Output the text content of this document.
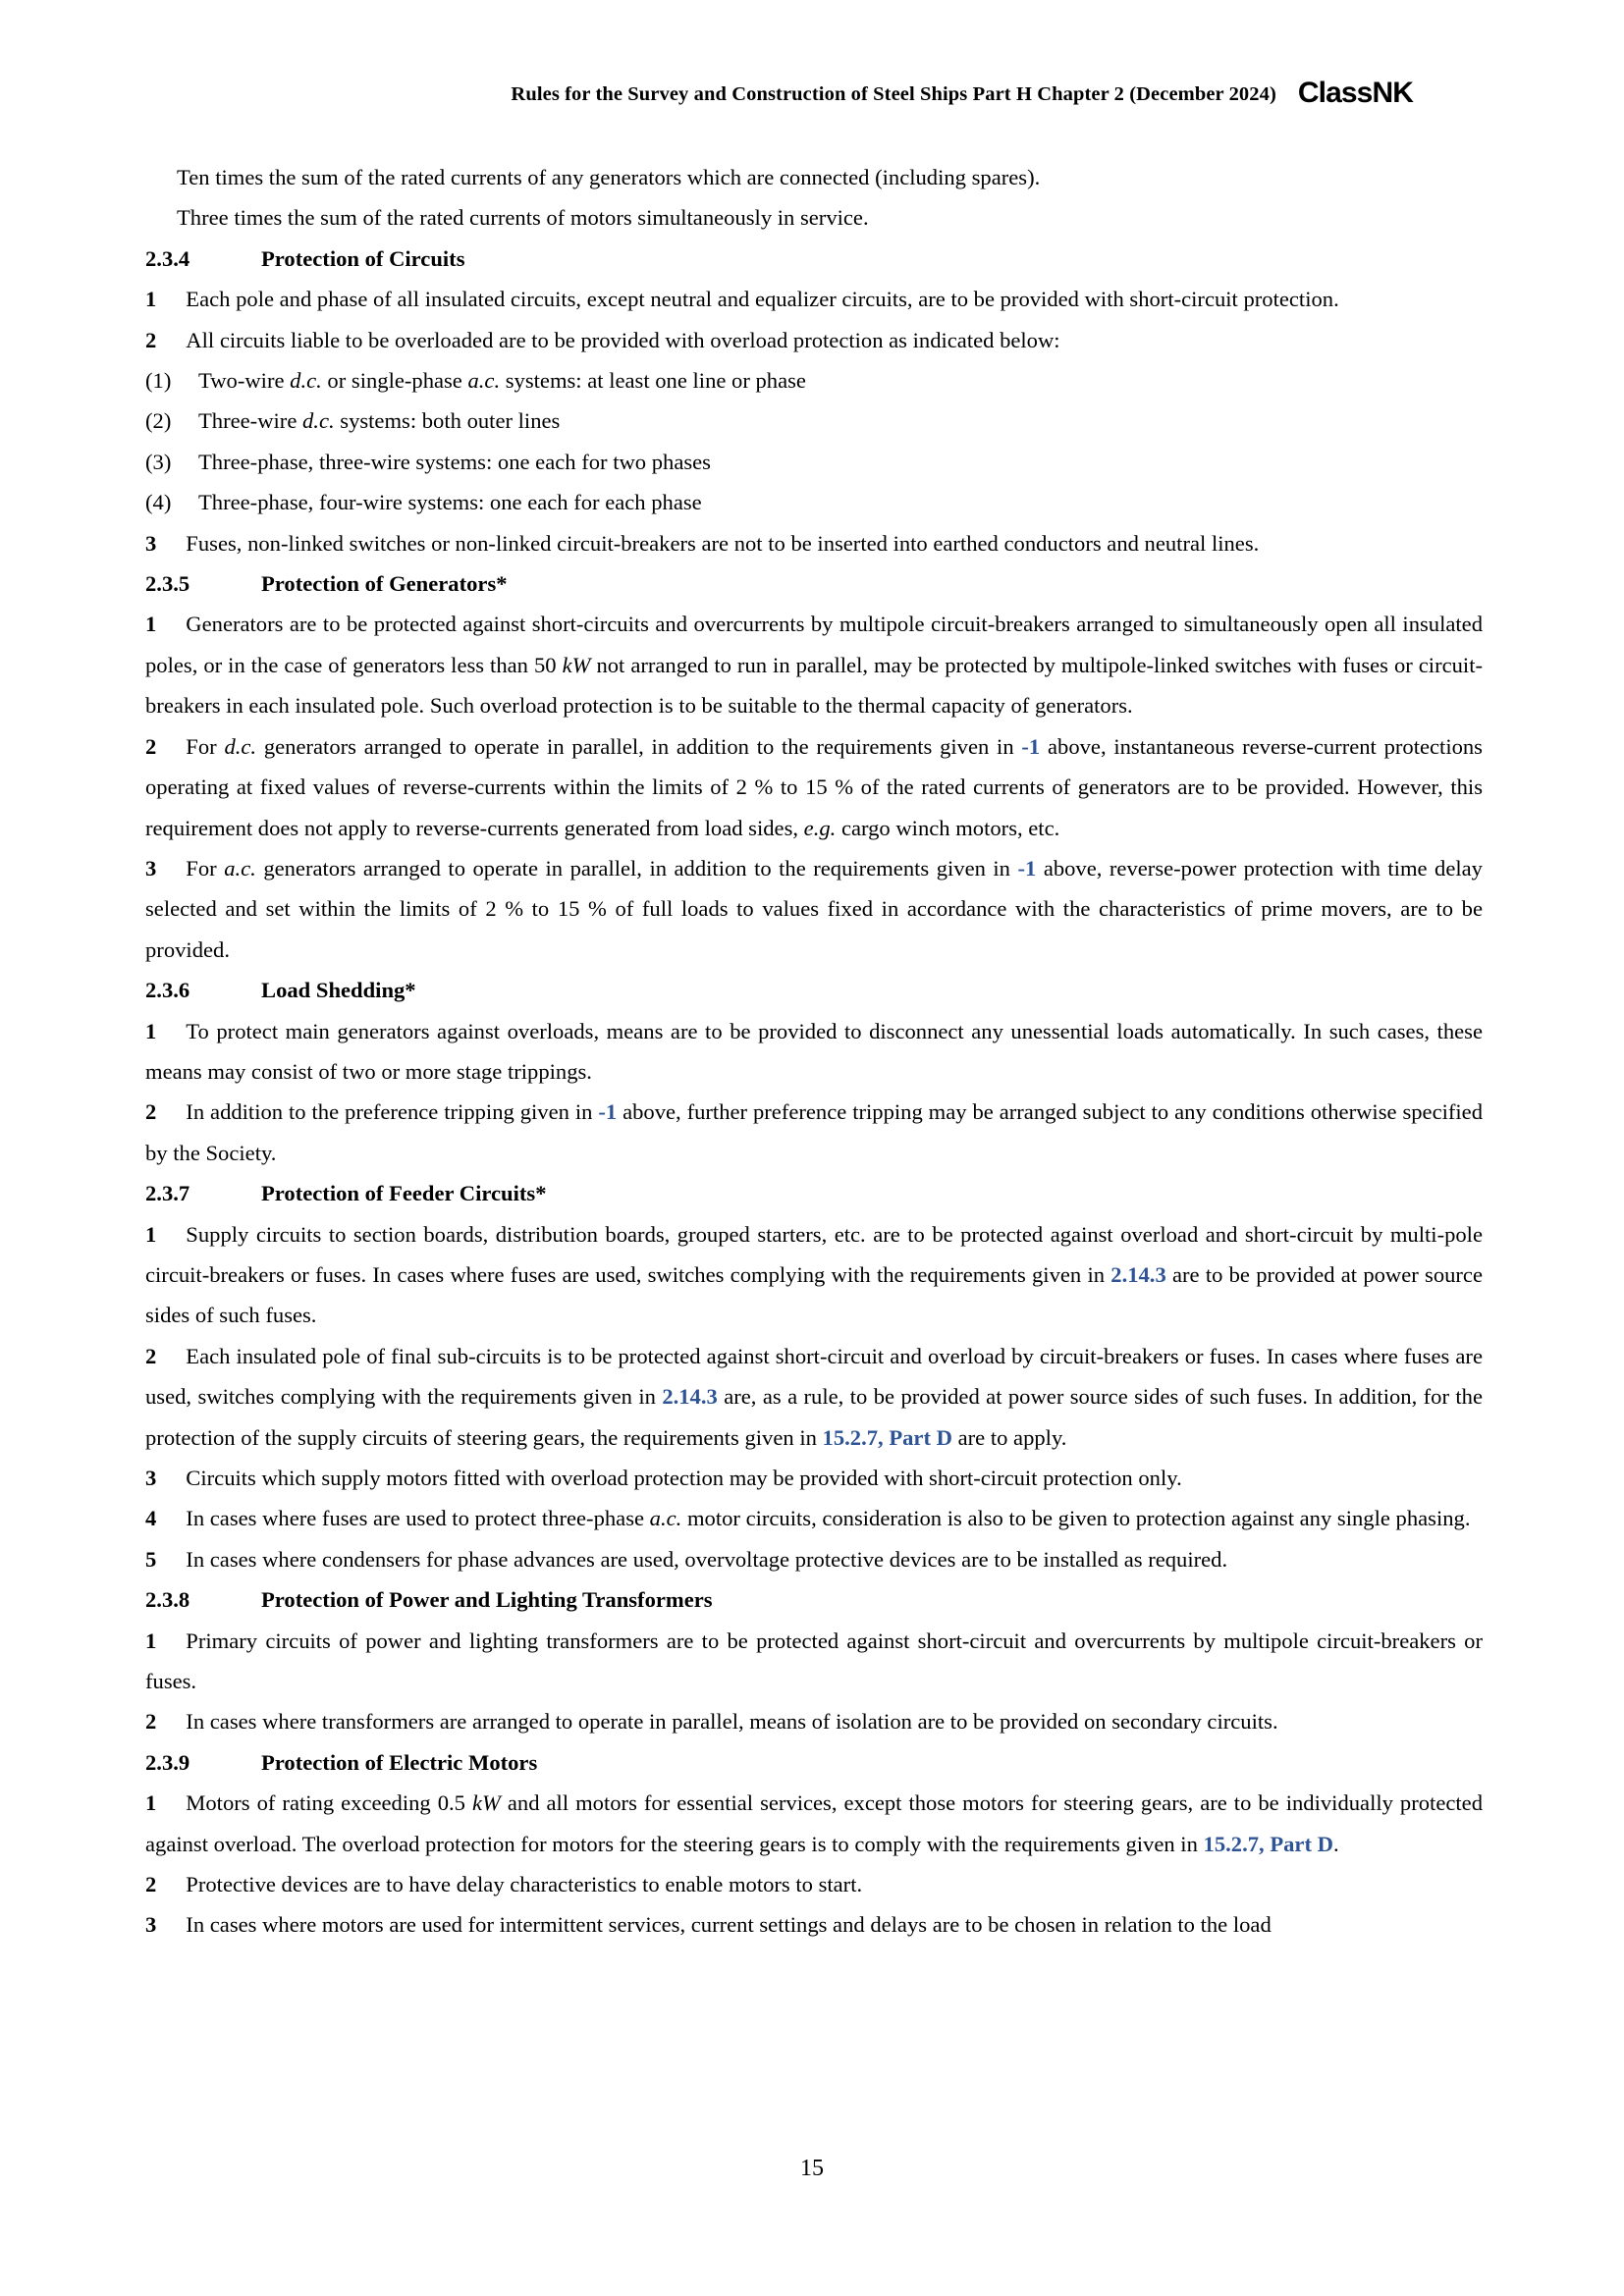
Rules for the Survey and Construction of Steel Ships Part H Chapter 2 (December 2024) ClassNK

Ten times the sum of the rated currents of any generators which are connected (including spares).

Three times the sum of the rated currents of motors simultaneously in service.

2.3.4	Protection of Circuits

1 Each pole and phase of all insulated circuits, except neutral and equalizer circuits, are to be provided with short-circuit protection.

2 All circuits liable to be overloaded are to be provided with overload protection as indicated below:

(1)	Two-wire d.c. or single-phase a.c. systems: at least one line or phase
(2)	Three-wire d.c. systems: both outer lines
(3)	Three-phase, three-wire systems: one each for two phases
(4)	Three-phase, four-wire systems: one each for each phase

3 Fuses, non-linked switches or non-linked circuit-breakers are not to be inserted into earthed conductors and neutral lines.

2.3.5	Protection of Generators*

1 Generators are to be protected against short-circuits and overcurrents by multipole circuit-breakers arranged to simultaneously open all insulated poles, or in the case of generators less than 50 kW not arranged to run in parallel, may be protected by multipole-linked switches with fuses or circuit-breakers in each insulated pole. Such overload protection is to be suitable to the thermal capacity of generators.

2 For d.c. generators arranged to operate in parallel, in addition to the requirements given in -1 above, instantaneous reverse-current protections operating at fixed values of reverse-currents within the limits of 2 % to 15 % of the rated currents of generators are to be provided. However, this requirement does not apply to reverse-currents generated from load sides, e.g. cargo winch motors, etc.

3 For a.c. generators arranged to operate in parallel, in addition to the requirements given in -1 above, reverse-power protection with time delay selected and set within the limits of 2 % to 15 % of full loads to values fixed in accordance with the characteristics of prime movers, are to be provided.

2.3.6	Load Shedding*

1 To protect main generators against overloads, means are to be provided to disconnect any unessential loads automatically. In such cases, these means may consist of two or more stage trippings.

2 In addition to the preference tripping given in -1 above, further preference tripping may be arranged subject to any conditions otherwise specified by the Society.

2.3.7	Protection of Feeder Circuits*

1 Supply circuits to section boards, distribution boards, grouped starters, etc. are to be protected against overload and short-circuit by multi-pole circuit-breakers or fuses. In cases where fuses are used, switches complying with the requirements given in 2.14.3 are to be provided at power source sides of such fuses.

2 Each insulated pole of final sub-circuits is to be protected against short-circuit and overload by circuit-breakers or fuses. In cases where fuses are used, switches complying with the requirements given in 2.14.3 are, as a rule, to be provided at power source sides of such fuses. In addition, for the protection of the supply circuits of steering gears, the requirements given in 15.2.7, Part D are to apply.

3 Circuits which supply motors fitted with overload protection may be provided with short-circuit protection only.

4 In cases where fuses are used to protect three-phase a.c. motor circuits, consideration is also to be given to protection against any single phasing.

5 In cases where condensers for phase advances are used, overvoltage protective devices are to be installed as required.

2.3.8	Protection of Power and Lighting Transformers

1 Primary circuits of power and lighting transformers are to be protected against short-circuit and overcurrents by multipole circuit-breakers or fuses.

2 In cases where transformers are arranged to operate in parallel, means of isolation are to be provided on secondary circuits.

2.3.9	Protection of Electric Motors

1 Motors of rating exceeding 0.5 kW and all motors for essential services, except those motors for steering gears, are to be individually protected against overload. The overload protection for motors for the steering gears is to comply with the requirements given in 15.2.7, Part D.

2 Protective devices are to have delay characteristics to enable motors to start.

3 In cases where motors are used for intermittent services, current settings and delays are to be chosen in relation to the load

15
